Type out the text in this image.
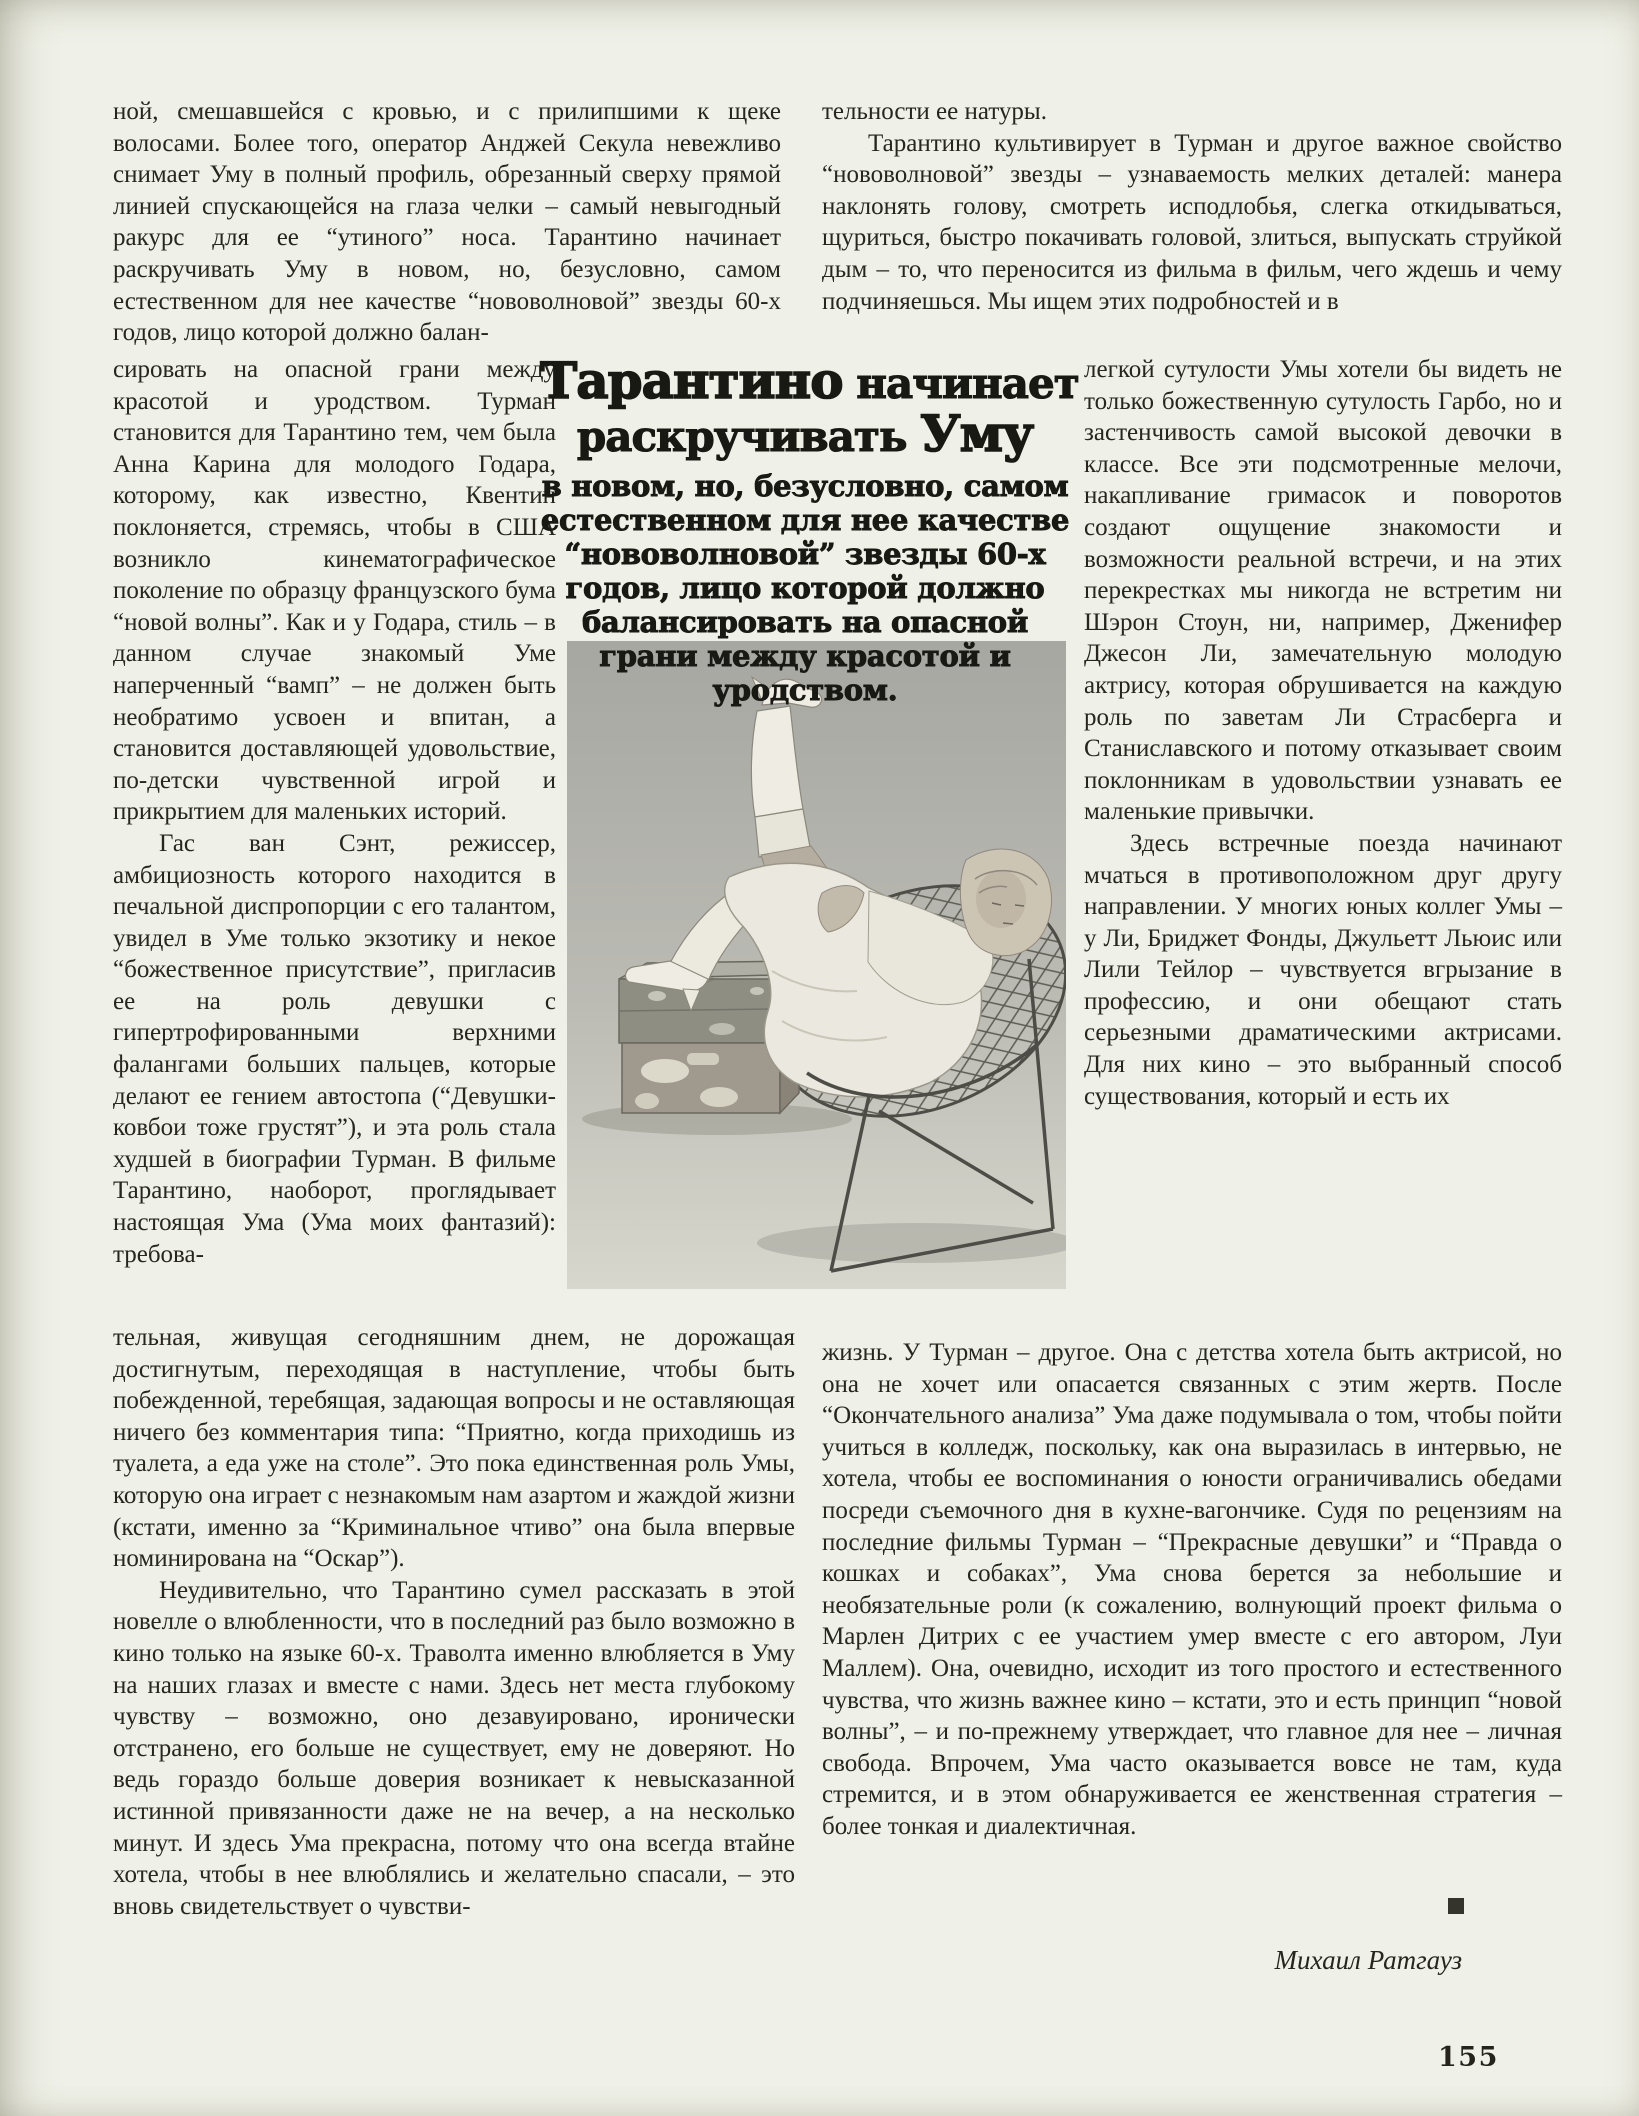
ной, смешавшейся с кровью, и с прилипшими к щеке волосами. Более того, оператор Анджей Секула невежливо снимает Уму в полный профиль, обрезанный сверху прямой линией спускающейся на глаза челки – самый невыгодный ракурс для ее “утиного” носа. Тарантино начинает раскручивать Уму в новом, но, безусловно, самом естественном для нее качестве “нововолновой” звезды 60-х годов, лицо которой должно балан-

сировать на опасной грани между красотой и уродством. Турман становится для Тарантино тем, чем была Анна Карина для молодого Годара, которому, как известно, Квентин поклоняется, стремясь, чтобы в США возникло кинематографическое поколение по образцу французского бума “новой волны”. Как и у Годара, стиль – в данном случае знакомый Уме наперченный “вамп” – не должен быть необратимо усвоен и впитан, а становится доставляющей удовольствие, по-детски чувственной игрой и прикрытием для маленьких историй.

Гас ван Сэнт, режиссер, амбициозность которого находится в печальной диспропорции с его талантом, увидел в Уме только экзотику и некое “божественное присутствие”, пригласив ее на роль девушки с гипертрофированными верхними фалангами больших пальцев, которые делают ее гением автостопа (“Девушки-ковбои тоже грустят”), и эта роль стала худшей в биографии Турман. В фильме Тарантино, наоборот, проглядывает настоящая Ума (Ума моих фантазий): требова-

Тарантино начинает
раскручивать Уму
в новом, но, безусловно, самом естественном для нее качестве “нововолновой” звезды 60-х годов, лицо которой должно балансировать на опасной грани между красотой и уродством.

тельности ее натуры.

Тарантино культивирует в Турман и другое важное свойство “нововолновой” звезды – узнаваемость мелких деталей: манера наклонять голову, смотреть исподлобья, слегка откидываться, щуриться, быстро покачивать головой, злиться, выпускать струйкой дым – то, что переносится из фильма в фильм, чего ждешь и чему подчиняешься. Мы ищем этих подробностей и в

легкой сутулости Умы хотели бы видеть не только божественную сутулость Гарбо, но и застенчивость самой высокой девочки в классе. Все эти подсмотренные мелочи, накапливание гримасок и поворотов создают ощущение знакомости и возможности реальной встречи, и на этих перекрестках мы никогда не встретим ни Шэрон Стоун, ни, например, Дженифер Джесон Ли, замечательную молодую актрису, которая обрушивается на каждую роль по заветам Ли Страсберга и Станиславского и потому отказывает своим поклонникам в удовольствии узнавать ее маленькие привычки.

Здесь встречные поезда начинают мчаться в противоположном друг другу направлении. У многих юных коллег Умы – у Ли, Бриджет Фонды, Джульетт Льюис или Лили Тейлор – чувствуется вгрызание в профессию, и они обещают стать серьезными драматическими актрисами. Для них кино – это выбранный способ существования, который и есть их

тельная, живущая сегодняшним днем, не дорожащая достигнутым, переходящая в наступление, чтобы быть побежденной, теребящая, задающая вопросы и не оставляющая ничего без комментария типа: “Приятно, когда приходишь из туалета, а еда уже на столе”. Это пока единственная роль Умы, которую она играет с незнакомым нам азартом и жаждой жизни (кстати, именно за “Криминальное чтиво” она была впервые номинирована на “Оскар”).

Неудивительно, что Тарантино сумел рассказать в этой новелле о влюбленности, что в последний раз было возможно в кино только на языке 60-х. Траволта именно влюбляется в Уму на наших глазах и вместе с нами. Здесь нет места глубокому чувству – возможно, оно дезавуировано, иронически отстранено, его больше не существует, ему не доверяют. Но ведь гораздо больше доверия возникает к невысказанной истинной привязанности даже не на вечер, а на несколько минут. И здесь Ума прекрасна, потому что она всегда втайне хотела, чтобы в нее влюблялись и желательно спасали, – это вновь свидетельствует о чувстви-

жизнь. У Турман – другое. Она с детства хотела быть актрисой, но она не хочет или опасается связанных с этим жертв. После “Окончательного анализа” Ума даже подумывала о том, чтобы пойти учиться в колледж, поскольку, как она выразилась в интервью, не хотела, чтобы ее воспоминания о юности ограничивались обедами посреди съемочного дня в кухне-вагончике. Судя по рецензиям на последние фильмы Турман – “Прекрасные девушки” и “Правда о кошках и собаках”, Ума снова берется за небольшие и необязательные роли (к сожалению, волнующий проект фильма о Марлен Дитрих с ее участием умер вместе с его автором, Луи Маллем). Она, очевидно, исходит из того простого и естественного чувства, что жизнь важнее кино – кстати, это и есть принцип “новой волны”, – и по-прежнему утверждает, что главное для нее – личная свобода. Впрочем, Ума часто оказывается вовсе не там, куда стремится, и в этом обнаруживается ее женственная стратегия – более тонкая и диалектичная.

Михаил Ратгауз
155
